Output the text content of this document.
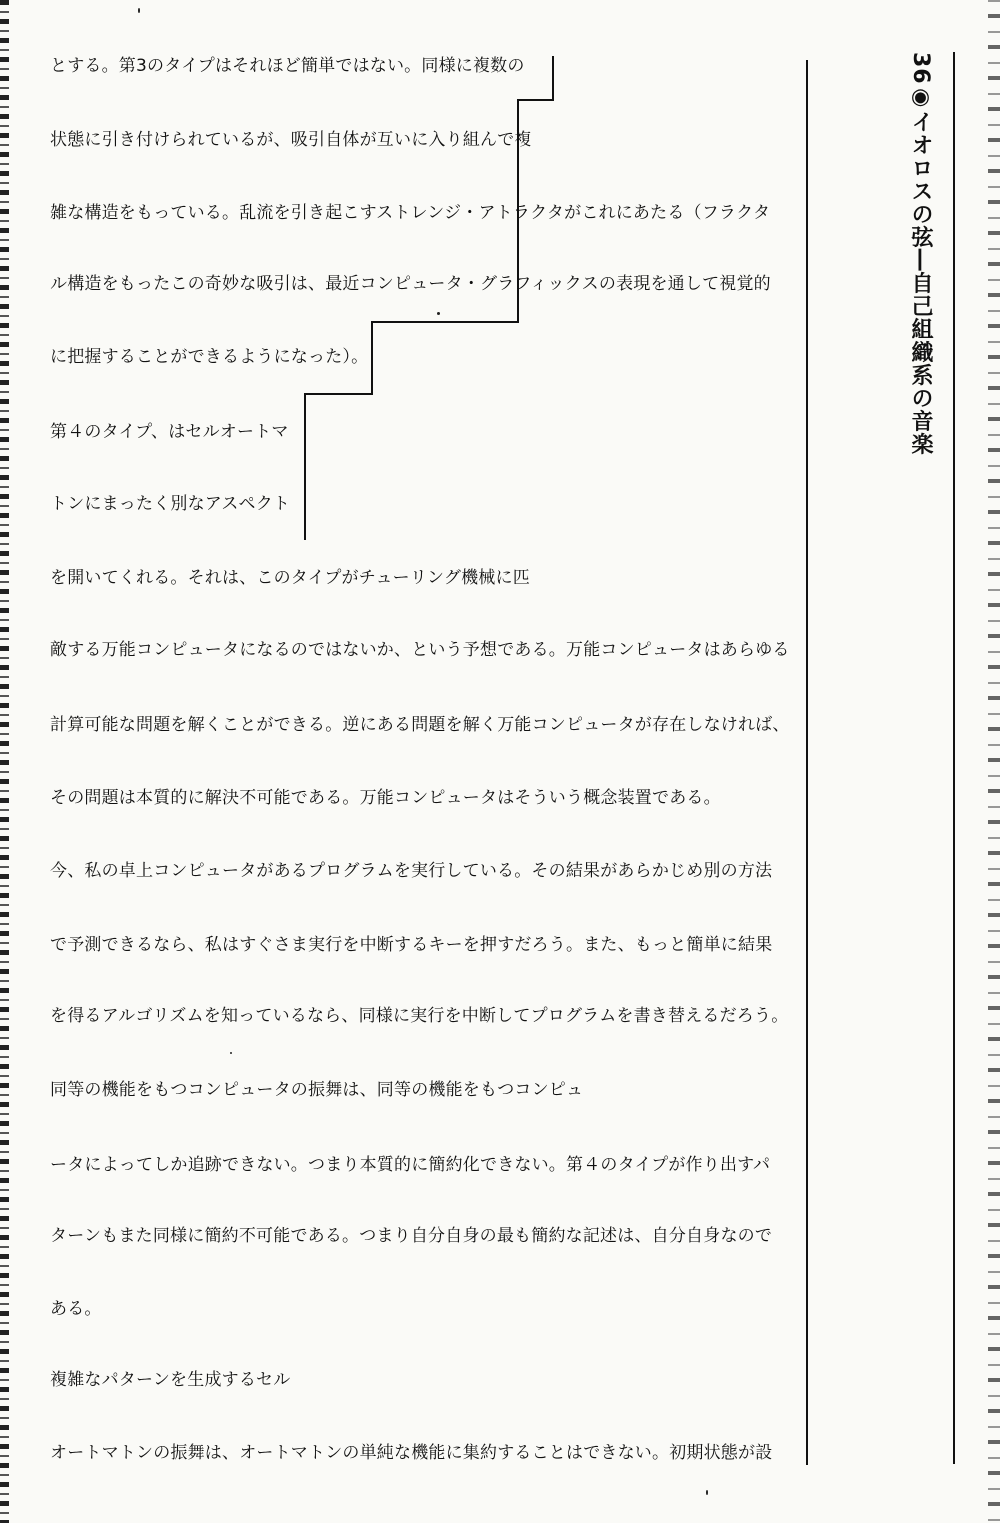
とする。第3のタイプはそれほど簡単ではない。同様に複数の
状態に引き付けられているが、吸引自体が互いに入り組んで複
雑な構造をもっている。乱流を引き起こすストレンジ・アトラクタがこれにあたる（フラクタ
ル構造をもったこの奇妙な吸引は、最近コンピュータ・グラフィックスの表現を通して視覚的
に把握することができるようになった）。
第４のタイプ、はセルオートマ
トンにまったく別なアスペクト
を開いてくれる。それは、このタイプがチューリング機械に匹
敵する万能コンピュータになるのではないか、という予想である。万能コンピュータはあらゆる
計算可能な問題を解くことができる。逆にある問題を解く万能コンピュータが存在しなければ、
その問題は本質的に解決不可能である。万能コンピュータはそういう概念装置である。
今、私の卓上コンピュータがあるプログラムを実行している。その結果があらかじめ別の方法
で予測できるなら、私はすぐさま実行を中断するキーを押すだろう。また、もっと簡単に結果
を得るアルゴリズムを知っているなら、同様に実行を中断してプログラムを書き替えるだろう。
同等の機能をもつコンピュータの振舞は、同等の機能をもつコンピュ
ータによってしか追跡できない。つまり本質的に簡約化できない。第４のタイプが作り出すパ
ターンもまた同様に簡約不可能である。つまり自分自身の最も簡約な記述は、自分自身なので
ある。
複雑なパターンを生成するセル
オートマトンの振舞は、オートマトンの単純な機能に集約することはできない。初期状態が設
36◉イオロスの弦―自己組織系の音楽
